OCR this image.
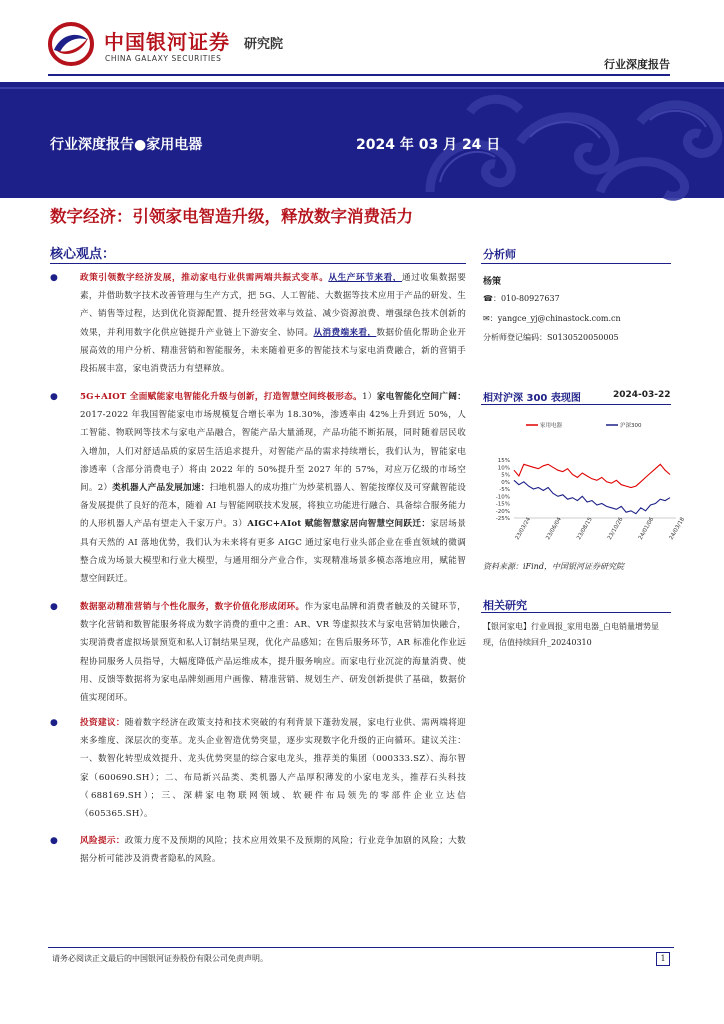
中国银河证券
CHINA GALAXY SECURITIES
研究院
行业深度报告
行业深度报告●家用电器	2024 年 03 月 24 日
数字经济：引领家电智造升级，释放数字消费活力
核心观点：
●	政策引领数字经济发展，推动家电行业供需两端共振式变革。从生产环节来看，通过收集数据要素，并借助数字技术改善管理与生产方式，把 5G、人工智能、大数据等技术应用于产品的研发、生产、销售等过程，达到优化资源配置、提升经营效率与效益、减少资源浪费、增强绿色技术创新的效果，并利用数字化供应链提升产业链上下游安全、协同。从消费端来看，数据价值化帮助企业开展高效的用户分析、精准营销和智能服务，未来随着更多的智能技术与家电消费融合，新的营销手段拓展丰富，家电消费活力有望释放。
●	5G+AIOT 全面赋能家电智能化升级与创新，打造智慧空间终极形态。1）家电智能化空间广阔：2017-2022 年我国智能家电市场规模复合增长率为 18.30%，渗透率由 42%上升到近 50%，人工智能、物联网等技术与家电产品融合，智能产品大量涌现，产品功能不断拓展，同时随着居民收入增加，人们对舒适品质的家居生活追求提升，对智能产品的需求持续增长，我们认为，智能家电渗透率（含部分消费电子）将由 2022 年的 50%提升至 2027 年的 57%，对应万亿级的市场空间。2）类机器人产品发展加速：扫地机器人的成功推广为炒菜机器人、智能按摩仪及可穿戴智能设备发展提供了良好的范本，随着 AI 与智能网联技术发展，将独立功能进行融合、具备综合服务能力的人形机器人产品有望走入千家万户。3）AIGC+AIot 赋能智慧家居向智慧空间跃迁：家居场景具有天然的 AI 落地优势，我们认为未来将有更多 AIGC 通过家电行业头部企业在垂直领域的微调整合成为场景大模型和行业大模型，与通用细分产业合作，实现精准场景多模态落地应用，赋能智慧空间跃迁。
●	数据驱动精准营销与个性化服务，数字价值化形成闭环。作为家电品牌和消费者触及的关键环节，数字化营销和数智能服务将成为数字消费的重中之重：AR、VR 等虚拟技术与家电营销加快融合，实现消费者虚拟场景预览和私人订制结果呈现，优化产品感知；在售后服务环节，AR 标准化作业远程协同服务人员指导，大幅度降低产品运维成本，提升服务响应。而家电行业沉淀的海量消费、使用、反馈等数据将为家电品牌刻画用户画像、精准营销、规划生产、研发创新提供了基础，数据价值实现闭环。
●	投资建议：随着数字经济在政策支持和技术突破的有利背景下蓬勃发展，家电行业供、需两端将迎来多维度、深层次的变革。龙头企业智造优势突显，逐步实现数字化升级的正向循环。建议关注：一、数智化转型成效提升、龙头优势突显的综合家电龙头，推荐美的集团（000333.SZ）、海尔智家（600690.SH）；二、布局新兴品类、类机器人产品厚积薄发的小家电龙头，推荐石头科技（688169.SH）；三、深耕家电物联网领域、软硬件布局领先的零部件企业立达信（605365.SH）。
●	风险提示：政策力度不及预期的风险；技术应用效果不及预期的风险；行业竞争加剧的风险；大数据分析可能涉及消费者隐私的风险。
分析师
杨策
☎：010-80927637
✉：yangce_yj@chinastock.com.cn
分析师登记编码：S0130520050005
相对沪深 300 表现图	2024-03-22
家用电器	沪深300
15%
10%
5%
0%
-5%
-10%
-15%
-20%
-25% 23/03/24 23/06/04 23/08/15 23/10/26 24/01/06 24/03/18
资料来源：iFind，中国银河证券研究院
相关研究
【银河家电】行业周报_家用电器_白电销量增势显现，估值持续回升_20240310
请务必阅读正文最后的中国银河证券股份有限公司免责声明。	1
